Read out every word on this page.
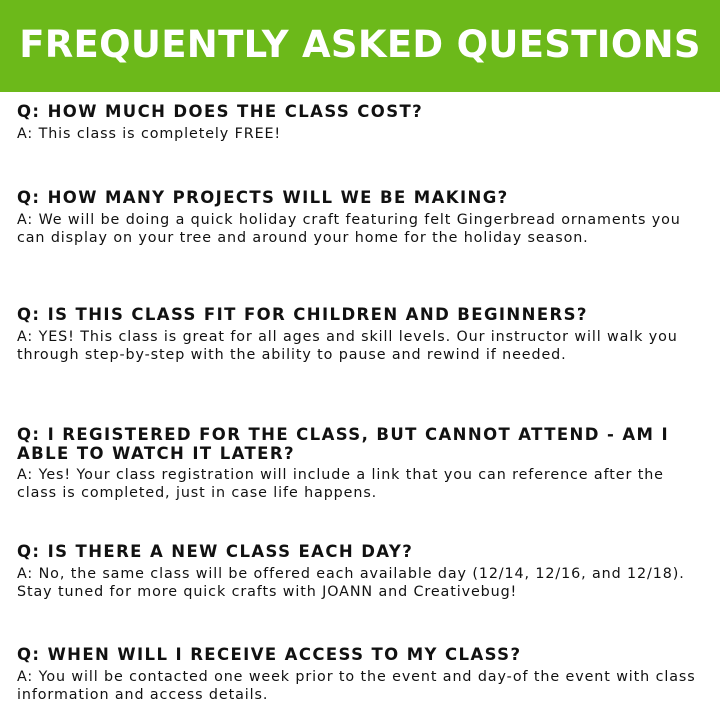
FREQUENTLY ASKED QUESTIONS

Q: HOW MUCH DOES THE CLASS COST?

A: This class is completely FREE!

Q: HOW MANY PROJECTS WILL WE BE MAKING?

A: We will be doing a quick holiday craft featuring felt Gingerbread ornaments you can display on your tree and around your home for the holiday season.

Q: IS THIS CLASS FIT FOR CHILDREN AND BEGINNERS?

A: YES! This class is great for all ages and skill levels. Our instructor will walk you through step-by-step with the ability to pause and rewind if needed.

Q: I REGISTERED FOR THE CLASS, BUT CANNOT ATTEND - AM I ABLE TO WATCH IT LATER?

A: Yes! Your class registration will include a link that you can reference after the class is completed, just in case life happens.

Q: IS THERE A NEW CLASS EACH DAY?

A: No, the same class will be offered each available day (12/14, 12/16, and 12/18). Stay tuned for more quick crafts with JOANN and Creativebug!

Q: WHEN WILL I RECEIVE ACCESS TO MY CLASS?

A: You will be contacted one week prior to the event and day-of the event with class information and access details.
